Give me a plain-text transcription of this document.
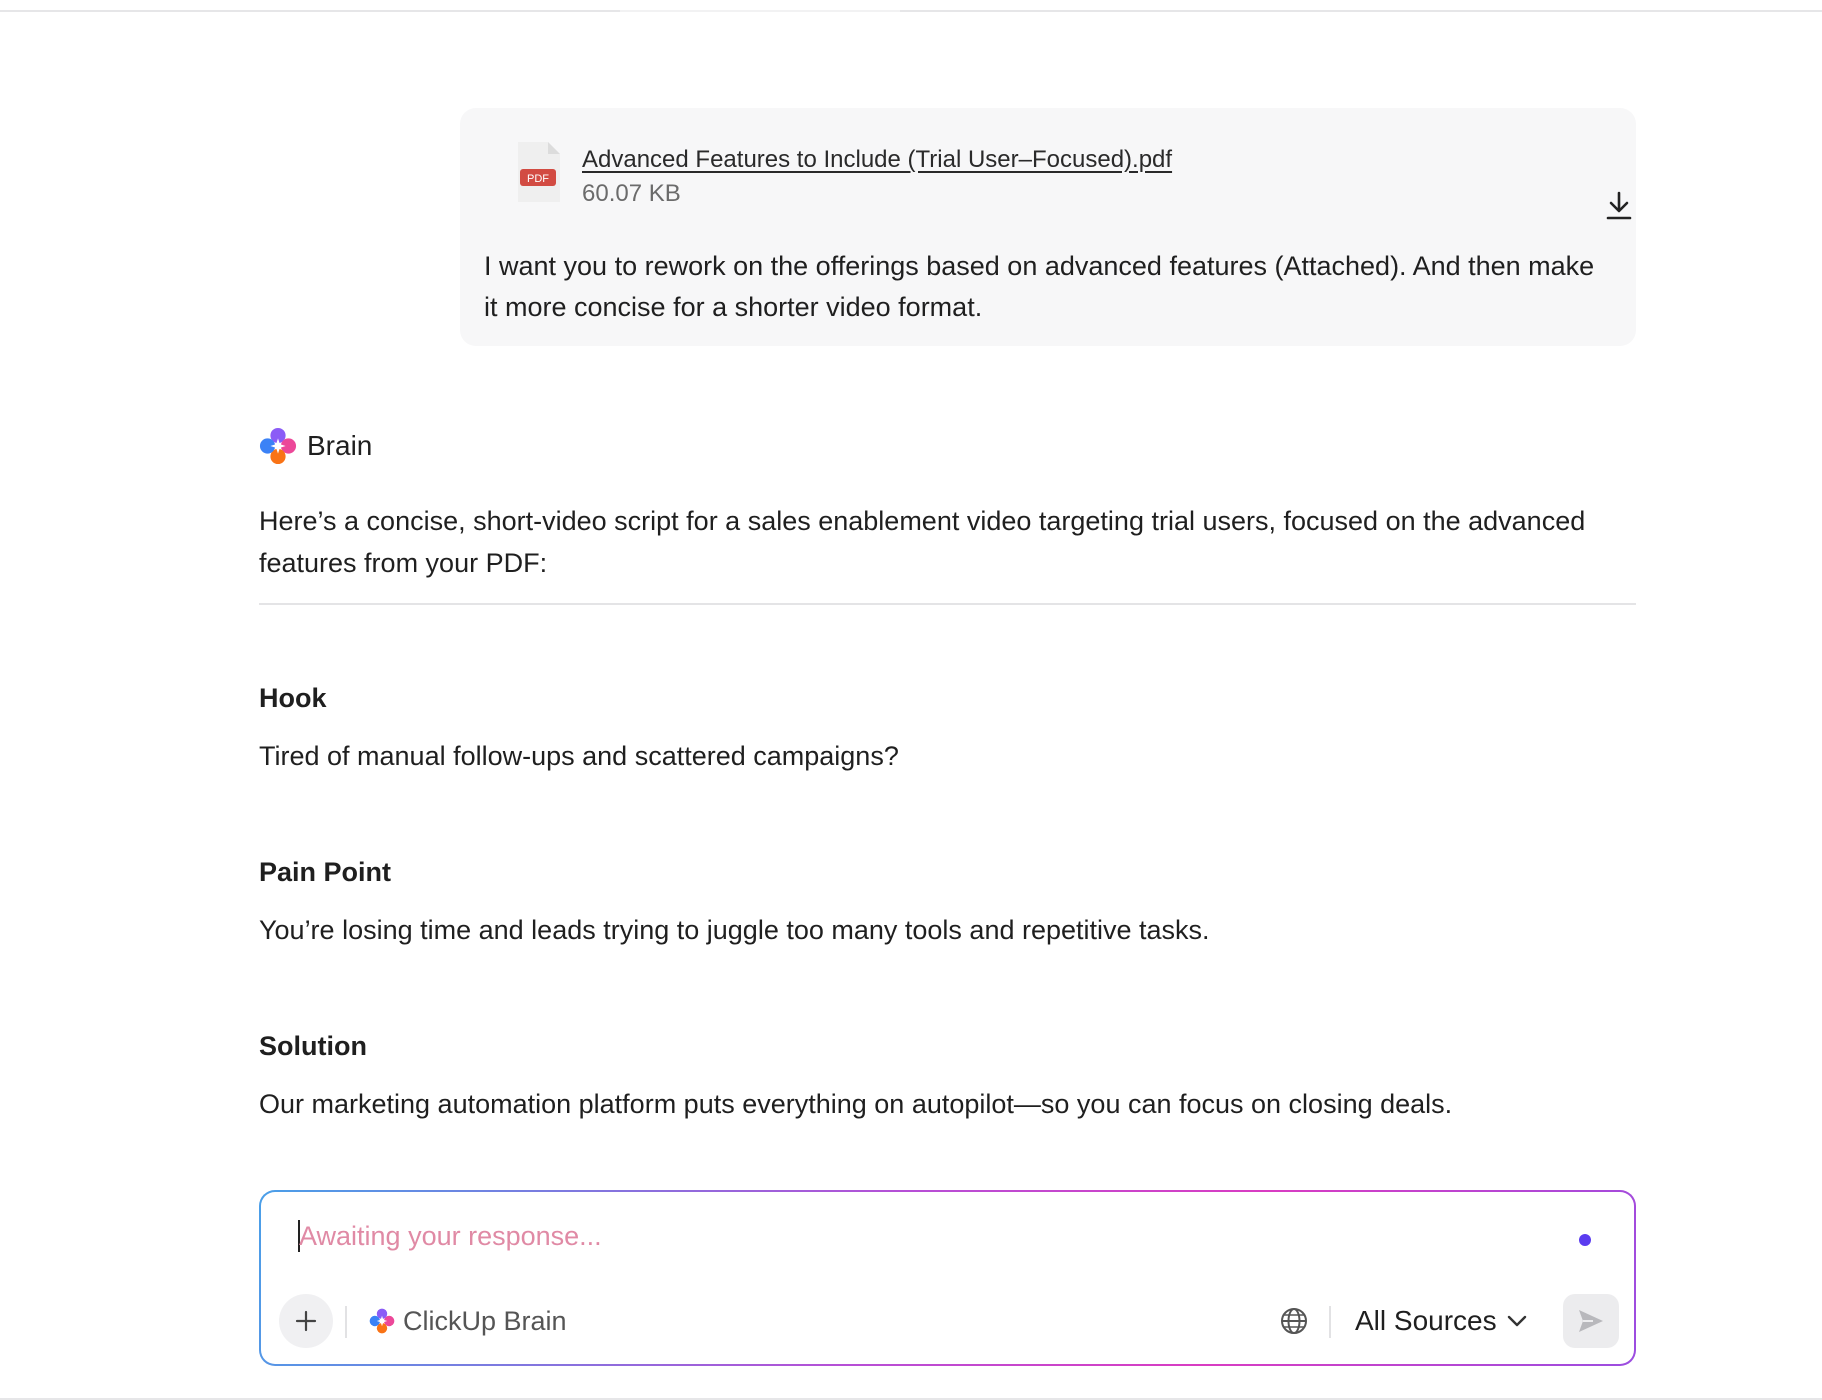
PDF
Advanced Features to Include (Trial User–Focused).pdf
60.07 KB

I want you to rework on the offerings based on advanced features (Attached). And then make it more concise for a shorter video format.

Brain

Here’s a concise, short-video script for a sales enablement video targeting trial users, focused on the advanced features from your PDF:

Hook

Tired of manual follow-ups and scattered campaigns?

Pain Point

You’re losing time and leads trying to juggle too many tools and repetitive tasks.

Solution

Our marketing automation platform puts everything on autopilot—so you can focus on closing deals.

Awaiting your response...
ClickUp Brain	All Sources
